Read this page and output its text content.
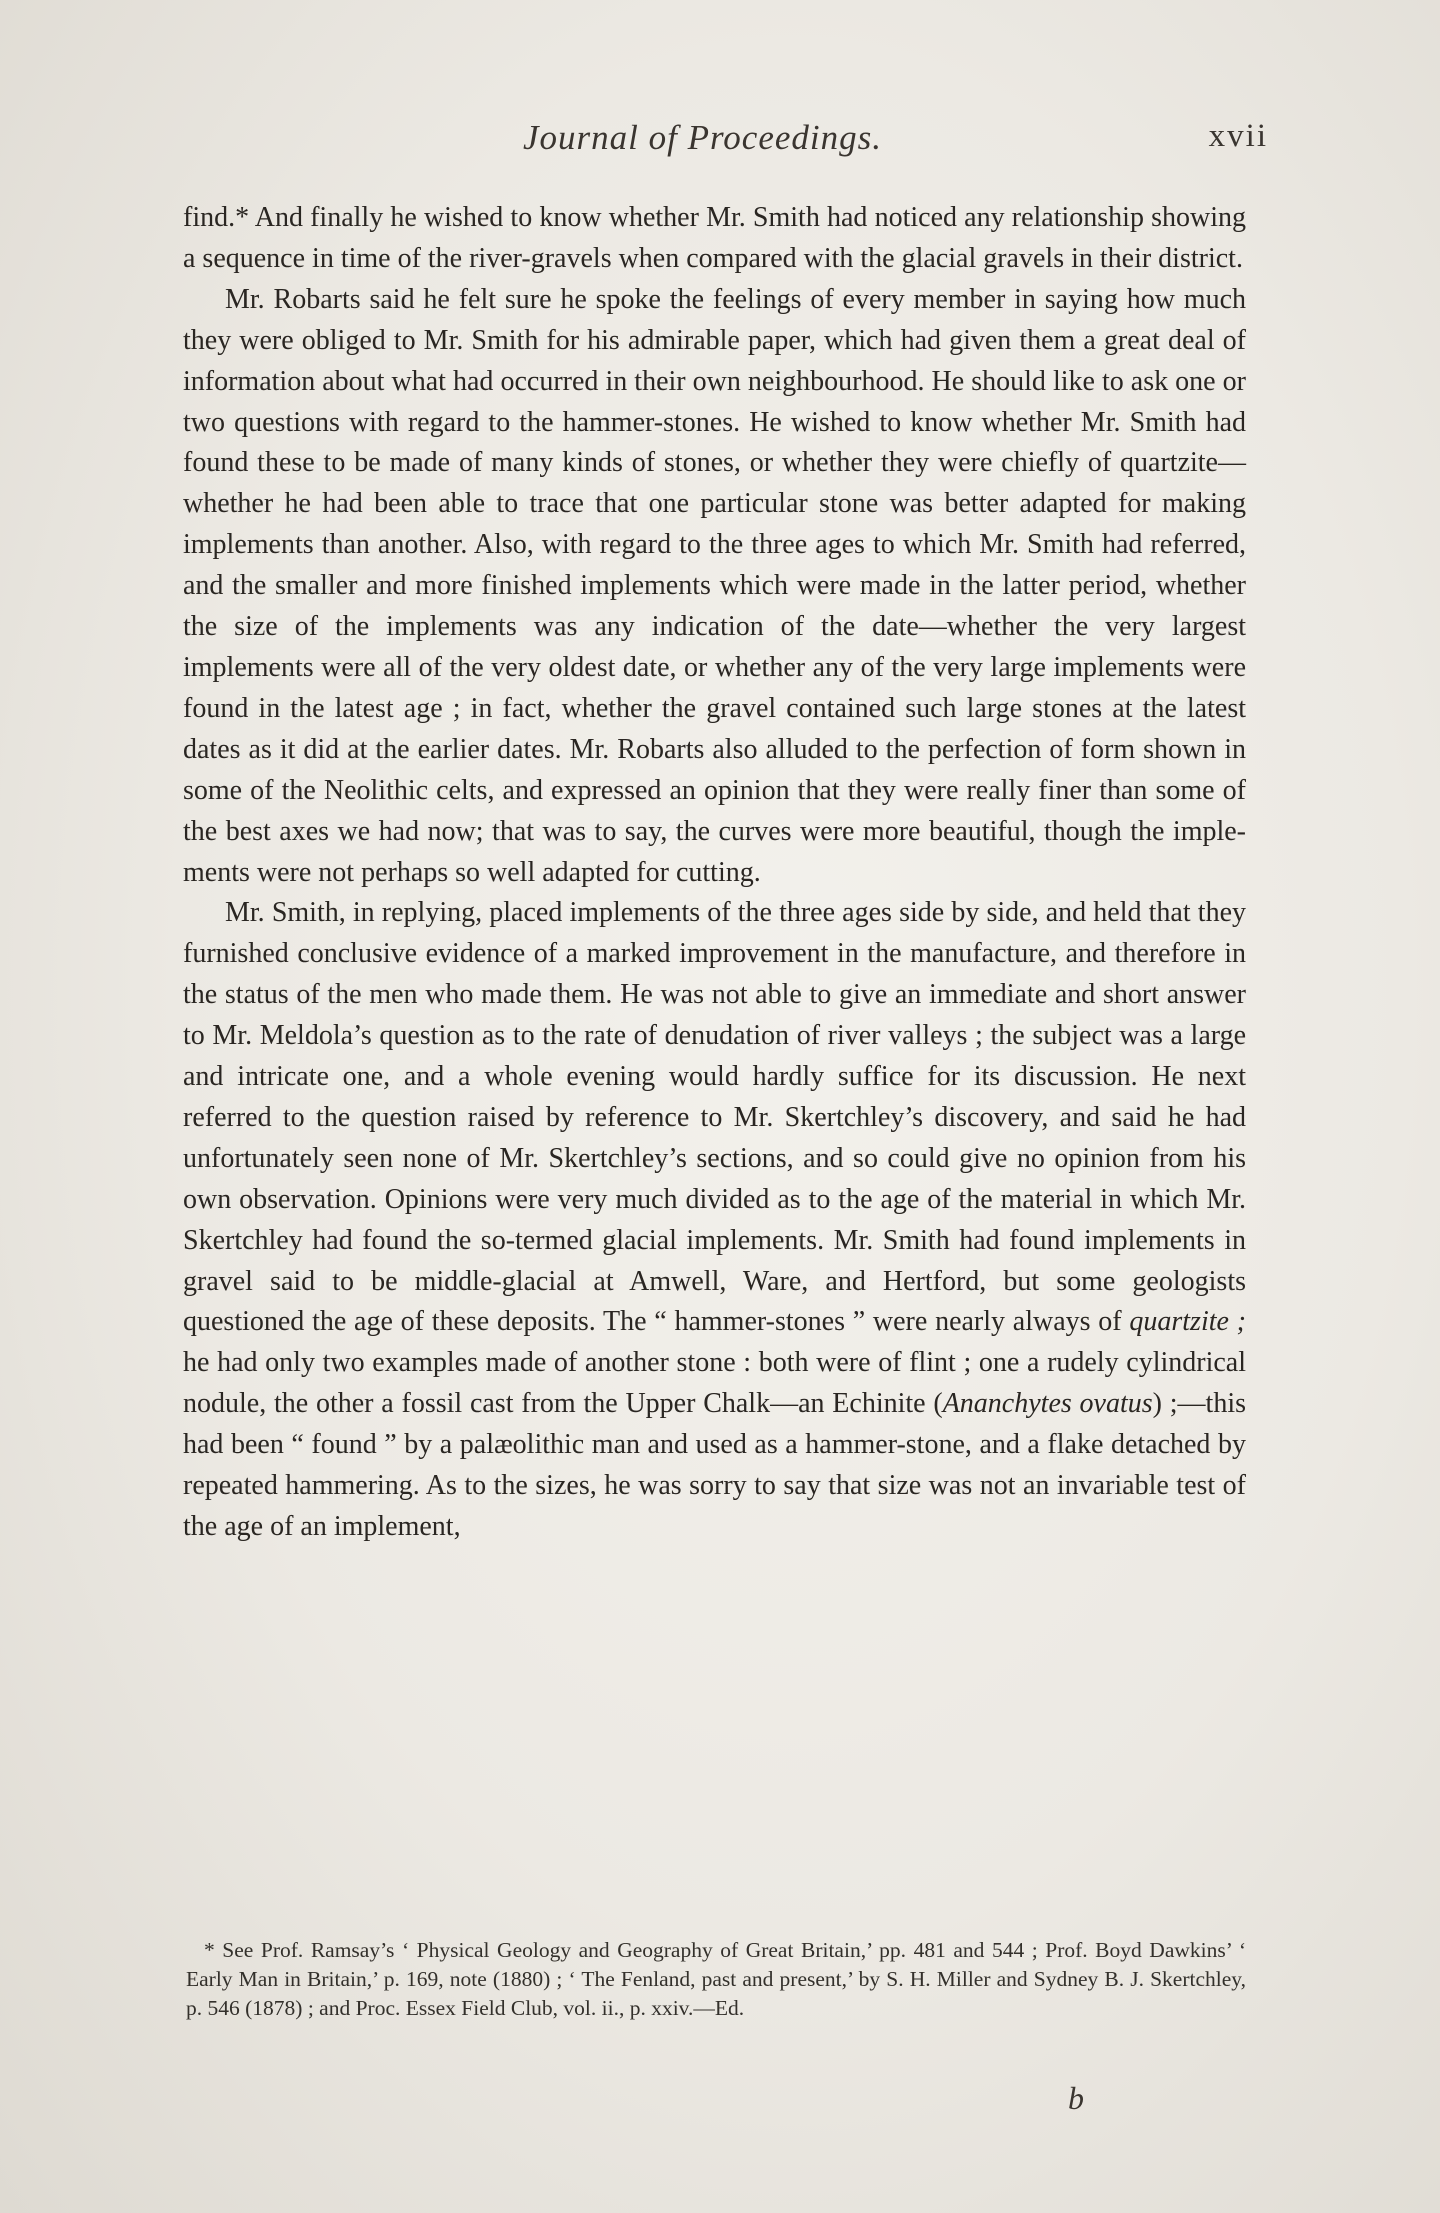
Journal of Proceedings.	xvii

find.* And finally he wished to know whether Mr. Smith had noticed any relationship showing a sequence in time of the river-gravels when compared with the glacial gravels in their district.

Mr. Robarts said he felt sure he spoke the feelings of every member in saying how much they were obliged to Mr. Smith for his admirable paper, which had given them a great deal of information about what had occurred in their own neighbourhood. He should like to ask one or two questions with regard to the hammer-stones. He wished to know whether Mr. Smith had found these to be made of many kinds of stones, or whether they were chiefly of quartzite—whether he had been able to trace that one particular stone was better adapted for making implements than another. Also, with regard to the three ages to which Mr. Smith had referred, and the smaller and more finished implements which were made in the latter period, whether the size of the implements was any indication of the date—whether the very largest implements were all of the very oldest date, or whether any of the very large implements were found in the latest age ; in fact, whether the gravel contained such large stones at the latest dates as it did at the earlier dates. Mr. Robarts also alluded to the perfection of form shown in some of the Neolithic celts, and expressed an opinion that they were really finer than some of the best axes we had now; that was to say, the curves were more beautiful, though the imple-ments were not perhaps so well adapted for cutting.

Mr. Smith, in replying, placed implements of the three ages side by side, and held that they furnished conclusive evidence of a marked improvement in the manufacture, and therefore in the status of the men who made them. He was not able to give an immediate and short answer to Mr. Meldola’s question as to the rate of denudation of river valleys ; the subject was a large and intricate one, and a whole evening would hardly suffice for its discussion. He next referred to the question raised by reference to Mr. Skertchley’s discovery, and said he had unfortunately seen none of Mr. Skertchley’s sections, and so could give no opinion from his own observation. Opinions were very much divided as to the age of the material in which Mr. Skertchley had found the so-termed glacial implements. Mr. Smith had found implements in gravel said to be middle-glacial at Amwell, Ware, and Hertford, but some geologists questioned the age of these deposits. The “ hammer-stones ” were nearly always of quartzite ; he had only two examples made of another stone : both were of flint ; one a rudely cylindrical nodule, the other a fossil cast from the Upper Chalk—an Echinite (Ananchytes ovatus) ;—this had been “ found ” by a palæolithic man and used as a hammer-stone, and a flake detached by repeated hammering. As to the sizes, he was sorry to say that size was not an invariable test of the age of an implement,

* See Prof. Ramsay’s ‘ Physical Geology and Geography of Great Britain,’ pp. 481 and 544 ; Prof. Boyd Dawkins’ ‘ Early Man in Britain,’ p. 169, note (1880) ; ‘ The Fenland, past and present,’ by S. H. Miller and Sydney B. J. Skertchley, p. 546 (1878) ; and Proc. Essex Field Club, vol. ii., p. xxiv.—Ed.

b
